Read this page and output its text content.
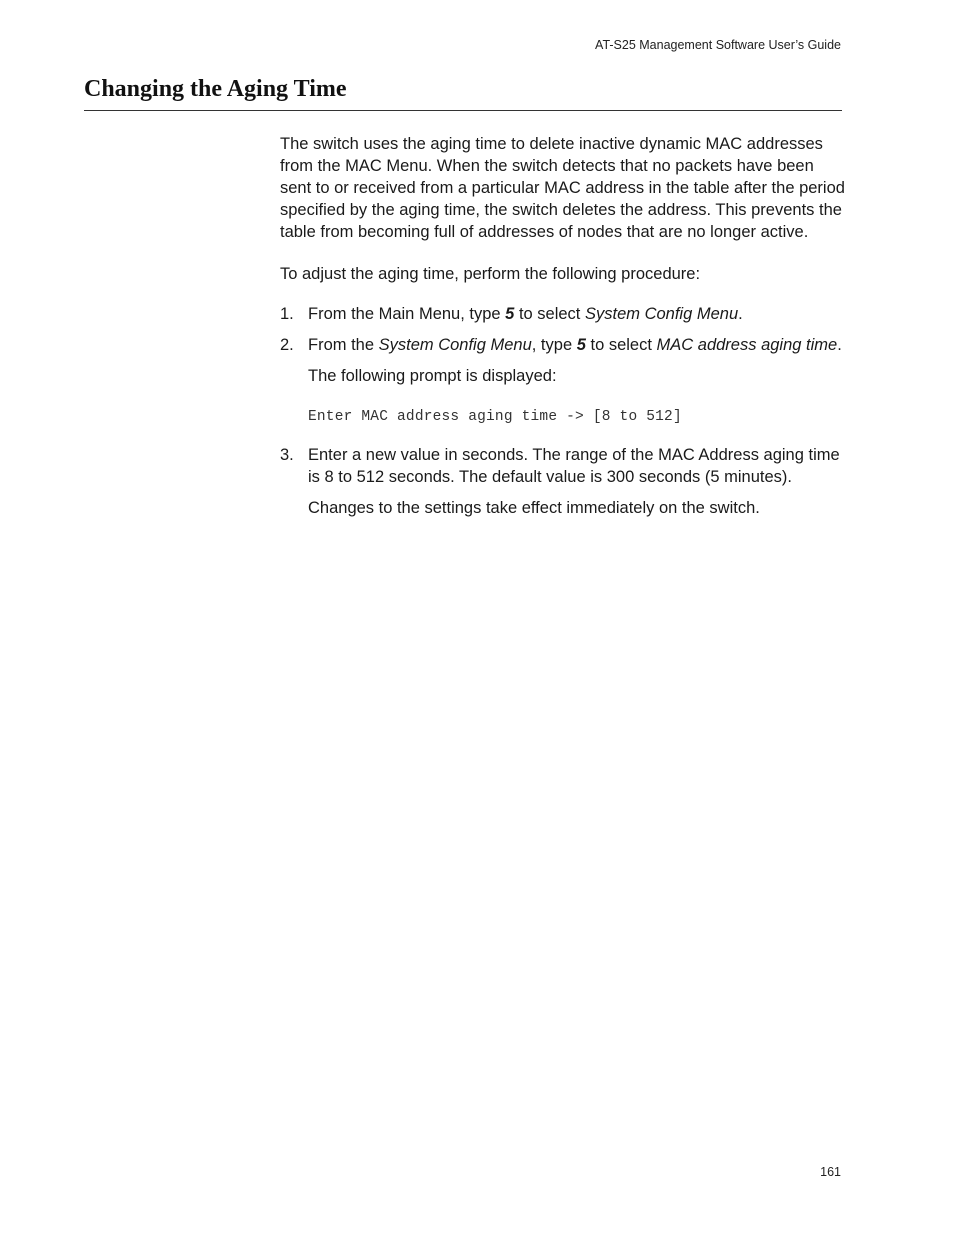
AT-S25 Management Software User’s Guide
Changing the Aging Time

The switch uses the aging time to delete inactive dynamic MAC addresses from the MAC Menu. When the switch detects that no packets have been sent to or received from a particular MAC address in the table after the period specified by the aging time, the switch deletes the address. This prevents the table from becoming full of addresses of nodes that are no longer active.

To adjust the aging time, perform the following procedure:

1. From the Main Menu, type 5 to select System Config Menu.
2. From the System Config Menu, type 5 to select MAC address aging time.

The following prompt is displayed:

Enter MAC address aging time -> [8 to 512]

3. Enter a new value in seconds. The range of the MAC Address aging time is 8 to 512 seconds. The default value is 300 seconds (5 minutes).

Changes to the settings take effect immediately on the switch.

161
